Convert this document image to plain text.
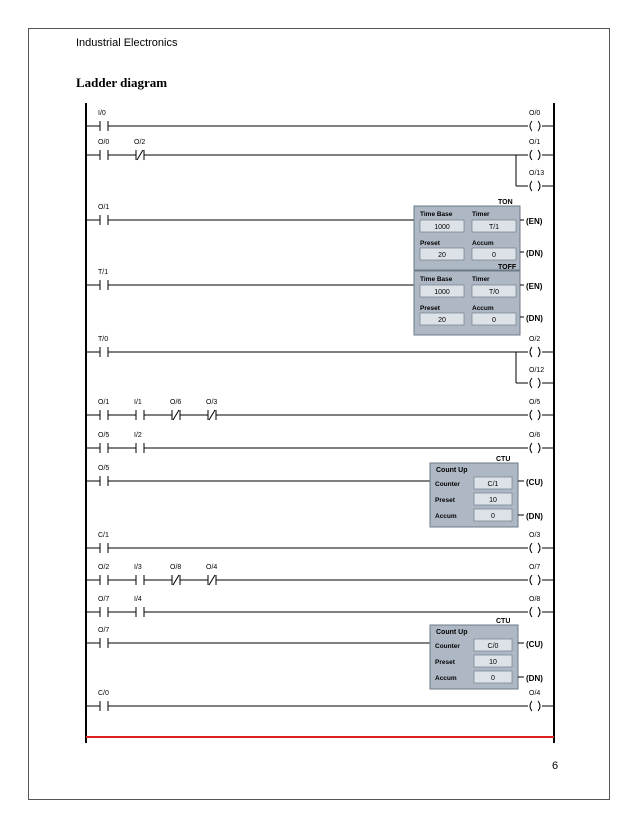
Industrial Electronics
Ladder diagram
6
I/0	O/0
O/0	O/2	O/1
O/13
O/1
TON
Time Base	Timer
1000	T/1
Preset	Accum
20	0
(EN)
(DN)
T/1
TOFF
Time Base	Timer
1000	T/0
Preset	Accum
20	0
(EN)
(DN)
T/0	O/2
O/12
O/1	I/1	O/6	O/3	O/5
O/5	I/2	O/6
O/5
CTU
Count Up
Counter	C/1
Preset	10
Accum	0
(CU)
(DN)
C/1	O/3
O/2	I/3	O/8	O/4	O/7
O/7	I/4	O/8
O/7
CTU
Count Up
Counter	C/0
Preset	10
Accum	0
(CU)
(DN)
C/0	O/4
